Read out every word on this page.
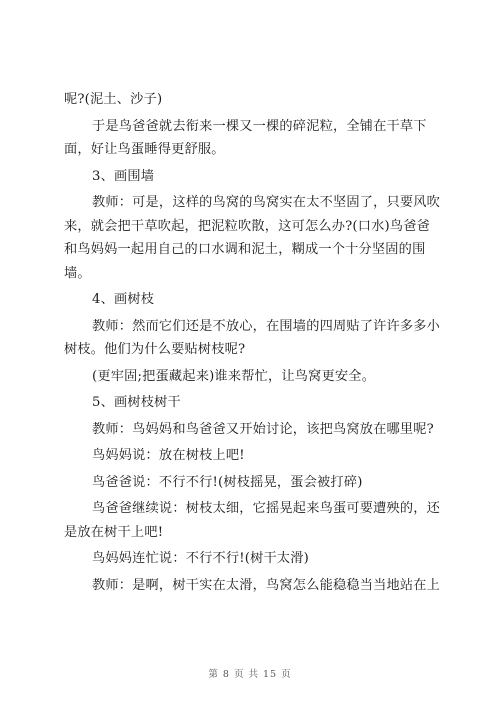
呢?(泥土、沙子)
于是鸟爸爸就去衔来一棵又一棵的碎泥粒，全铺在干草下
面，好让鸟蛋睡得更舒服。
3、画围墙
教师：可是，这样的鸟窝的鸟窝实在太不坚固了，只要风吹
来，就会把干草吹起，把泥粒吹散，这可怎么办?(口水)鸟爸爸
和鸟妈妈一起用自己的口水调和泥土，糊成一个十分坚固的围
墙。
4、画树枝
教师：然而它们还是不放心，在围墙的四周贴了许许多多小
树枝。他们为什么要贴树枝呢?
(更牢固;把蛋藏起来)谁来帮忙，让鸟窝更安全。
5、画树枝树干
教师：鸟妈妈和鸟爸爸又开始讨论，该把鸟窝放在哪里呢?
鸟妈妈说：放在树枝上吧!
鸟爸爸说：不行不行!(树枝摇晃，蛋会被打碎)
鸟爸爸继续说：树枝太细，它摇晃起来鸟蛋可要遭殃的，还
是放在树干上吧!
鸟妈妈连忙说：不行不行!(树干太滑)
教师：是啊，树干实在太滑，鸟窝怎么能稳稳当当地站在上
第 8 页 共 15 页
